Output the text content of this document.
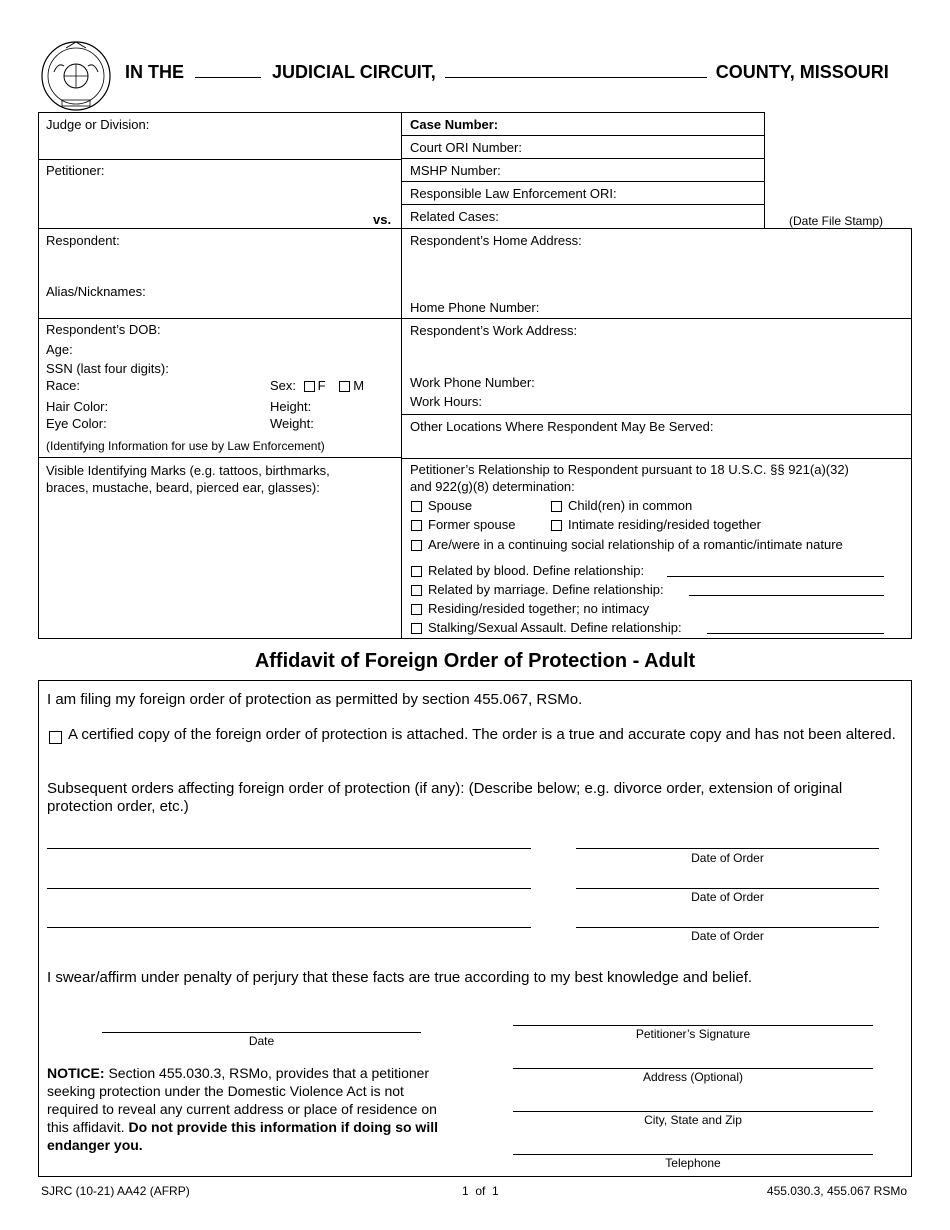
IN THE	JUDICIAL CIRCUIT,	COUNTY, MISSOURI
Judge or Division:
Petitioner:
vs.
Case Number:
Court ORI Number:
MSHP Number:
Responsible Law Enforcement ORI:
Related Cases:	(Date File Stamp)
Respondent:
Alias/Nicknames:
Respondent’s Home Address:
Home Phone Number:
Respondent’s DOB:
Age:
SSN (last four digits):
Race:	Sex: F M
Hair Color:	Height:
Eye Color:	Weight:
(Identifying Information for use by Law Enforcement)
Visible Identifying Marks (e.g. tattoos, birthmarks,
braces, mustache, beard, pierced ear, glasses):
Respondent’s Work Address:
Work Phone Number:
Work Hours:
Other Locations Where Respondent May Be Served:
Petitioner’s Relationship to Respondent pursuant to 18 U.S.C. §§ 921(a)(32)
and 922(g)(8) determination:
Spouse	Child(ren) in common
Former spouse	Intimate residing/resided together
Are/were in a continuing social relationship of a romantic/intimate nature
Related by blood. Define relationship:
Related by marriage. Define relationship:
Residing/resided together; no intimacy
Stalking/Sexual Assault. Define relationship:
Affidavit of Foreign Order of Protection - Adult
I am filing my foreign order of protection as permitted by section 455.067, RSMo.
A certified copy of the foreign order of protection is attached. The order is a true and accurate copy and has not been altered.
Subsequent orders affecting foreign order of protection (if any): (Describe below; e.g. divorce order, extension of original protection order, etc.)
Date of Order
Date of Order
Date of Order
I swear/affirm under penalty of perjury that these facts are true according to my best knowledge and belief.
Date	Petitioner’s Signature
Address (Optional)
City, State and Zip
Telephone
NOTICE: Section 455.030.3, RSMo, provides that a petitioner seeking protection under the Domestic Violence Act is not required to reveal any current address or place of residence on this affidavit. Do not provide this information if doing so will endanger you.
SJRC (10-21) AA42 (AFRP)	1 of 1	455.030.3, 455.067 RSMo
